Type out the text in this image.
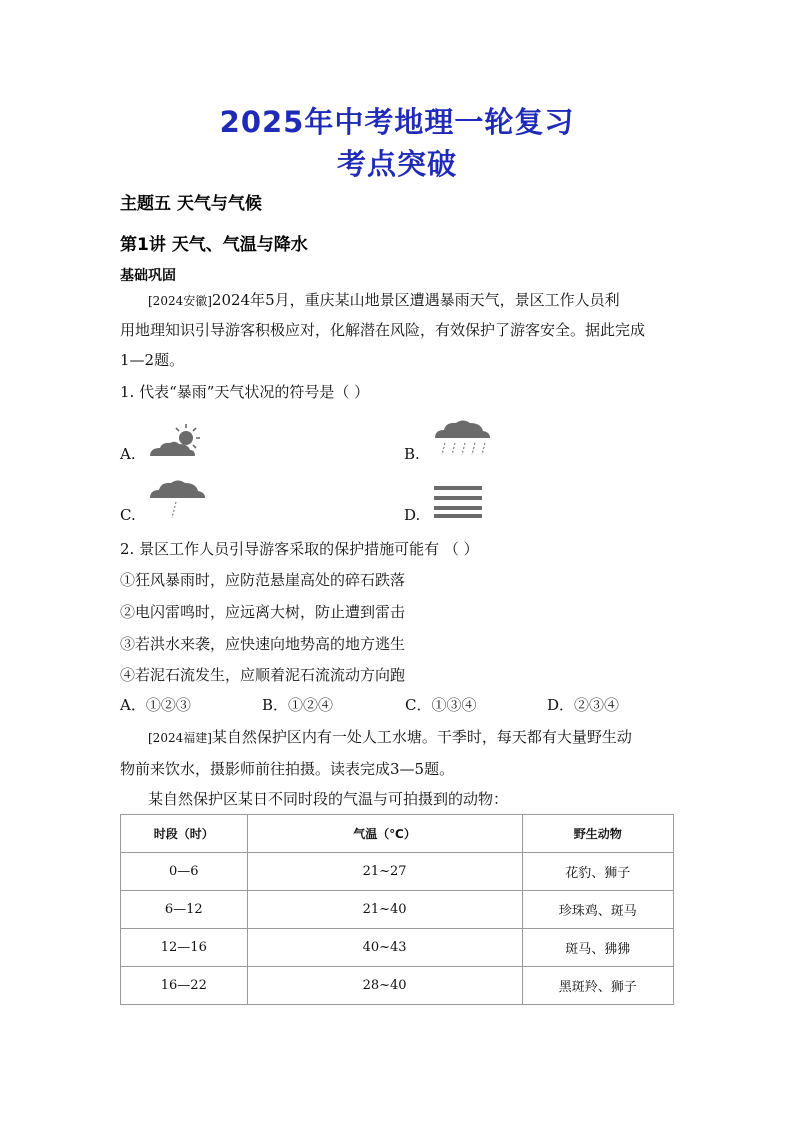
2025年中考地理一轮复习
考点突破
主题五 天气与气候
第1讲 天气、气温与降水
基础巩固
[2024安徽]2024年5月，重庆某山地景区遭遇暴雨天气，景区工作人员利
用地理知识引导游客积极应对，化解潜在风险，有效保护了游客安全。据此完成
1—2题。
1. 代表“暴雨”天气状况的符号是（ ）
A.	B.
C.	D.
2. 景区工作人员引导游客采取的保护措施可能有 （ ）
①狂风暴雨时，应防范悬崖高处的碎石跌落
②电闪雷鸣时，应远离大树，防止遭到雷击
③若洪水来袭，应快速向地势高的地方逃生
④若泥石流发生，应顺着泥石流流动方向跑
A．①②③	B．①②④	C．①③④	D．②③④
[2024福建]某自然保护区内有一处人工水塘。干季时，每天都有大量野生动
物前来饮水，摄影师前往拍摄。读表完成3—5题。
某自然保护区某日不同时段的气温与可拍摄到的动物：
时段（时）	气温（℃）	野生动物
0—6	21~27	花豹、狮子
6—12	21~40	珍珠鸡、斑马
12—16	40~43	斑马、狒狒
16—22	28~40	黑斑羚、狮子
